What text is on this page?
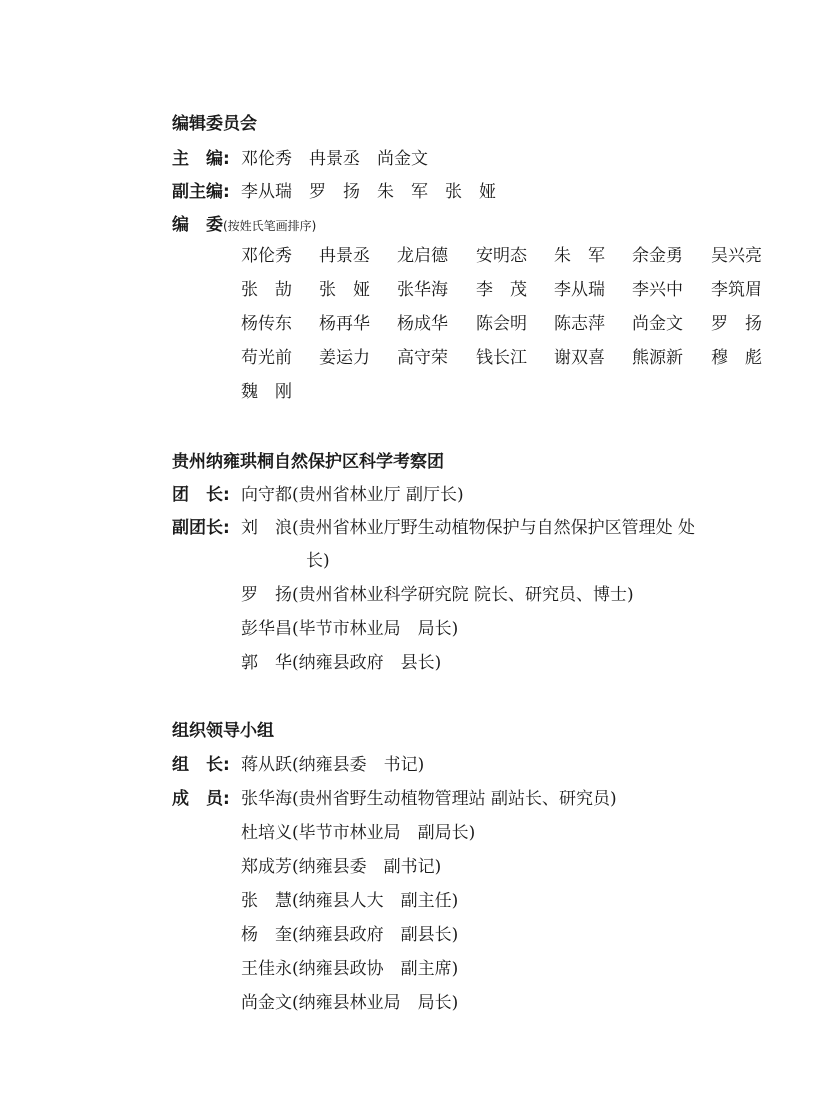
编辑委员会
主　编: 邓伦秀　冉景丞　尚金文
副主编: 李从瑞　罗　扬　朱　军　张　娅
编　委(按姓氏笔画排序)
邓伦秀 冉景丞 龙启德 安明态 朱　军 余金勇 吴兴亮
张　劼 张　娅 张华海 李　茂 李从瑞 李兴中 李筑眉
杨传东 杨再华 杨成华 陈会明 陈志萍 尚金文 罗　扬
苟光前 姜运力 高守荣 钱长江 谢双喜 熊源新 穆　彪
魏　刚
贵州纳雍珙桐自然保护区科学考察团
团　长: 向守都(贵州省林业厅 副厅长)
副团长: 刘　浪(贵州省林业厅野生动植物保护与自然保护区管理处 处
长)
罗　扬(贵州省林业科学研究院 院长、研究员、博士)
彭华昌(毕节市林业局　局长)
郭　华(纳雍县政府　县长)
组织领导小组
组　长: 蒋从跃(纳雍县委　书记)
成　员: 张华海(贵州省野生动植物管理站 副站长、研究员)
杜培义(毕节市林业局　副局长)
郑成芳(纳雍县委　副书记)
张　慧(纳雍县人大　副主任)
杨　奎(纳雍县政府　副县长)
王佳永(纳雍县政协　副主席)
尚金文(纳雍县林业局　局长)
